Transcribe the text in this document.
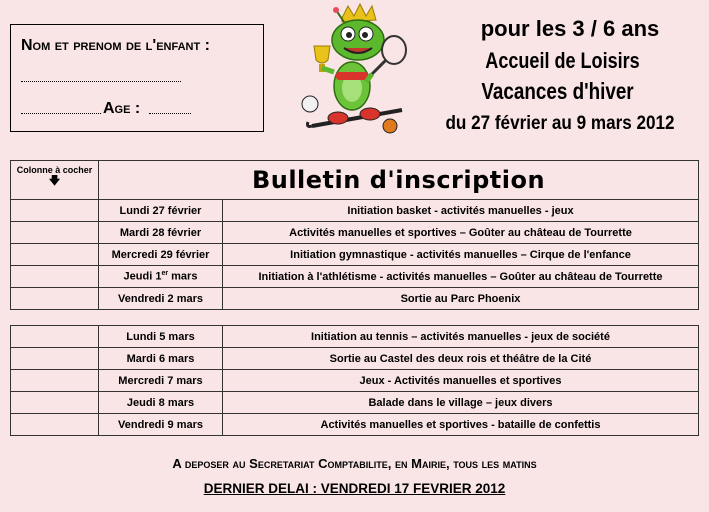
Nom et prenom de l'enfant :
Age :
pour les 3 / 6 ans
Accueil de Loisirs
Vacances d'hiver
du 27 février au 9 mars 2012
Colonne à cocher
🡇	Bulletin d'inscription	
	Lundi 27 février	Initiation basket - activités manuelles - jeux
	Mardi 28 février	Activités manuelles et sportives – Goûter au château de Tourrette
	Mercredi 29 février	Initiation gymnastique - activités manuelles – Cirque de l'enfance
	Jeudi 1er mars	Initiation à l'athlétisme - activités manuelles – Goûter au château de Tourrette
	Vendredi 2 mars	Sortie au Parc Phoenix
	Lundi 5 mars	Initiation au tennis – activités manuelles - jeux de société
	Mardi 6 mars	Sortie au Castel des deux rois et théâtre de la Cité
	Mercredi 7 mars	Jeux - Activités manuelles et sportives
	Jeudi 8 mars	Balade dans le village – jeux divers
	Vendredi 9 mars	Activités manuelles et sportives - bataille de confettis
A deposer au Secretariat Comptabilite, en Mairie, tous les matins
DERNIER DELAI : VENDREDI 17 FEVRIER 2012
